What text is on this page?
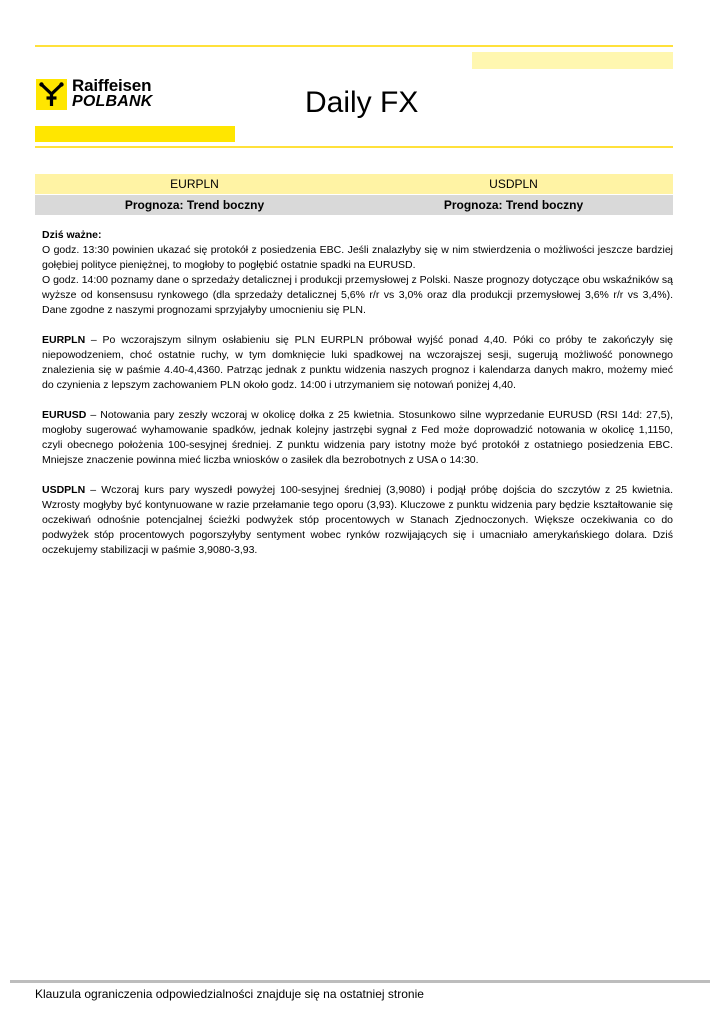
Raiffeisen
POLBANK	Daily FX
EURPLN	USDPLN
Prognoza: Trend boczny	Prognoza: Trend boczny

Dziś ważne:

O godz. 13:30 powinien ukazać się protokół z posiedzenia EBC. Jeśli znalazłyby się w nim stwierdzenia o możliwości jeszcze bardziej gołębiej polityce pieniężnej, to mogłoby to pogłębić ostatnie spadki na EURUSD.

O godz. 14:00 poznamy dane o sprzedaży detalicznej i produkcji przemysłowej z Polski. Nasze prognozy dotyczące obu wskaźników są wyższe od konsensusu rynkowego (dla sprzedaży detalicznej 5,6% r/r vs 3,0% oraz dla produkcji przemysłowej 3,6% r/r vs 3,4%). Dane zgodne z naszymi prognozami sprzyjałyby umocnieniu się PLN.

EURPLN – Po wczorajszym silnym osłabieniu się PLN EURPLN próbował wyjść ponad 4,40. Póki co próby te zakończyły się niepowodzeniem, choć ostatnie ruchy, w tym domknięcie luki spadkowej na wczorajszej sesji, sugerują możliwość ponownego znalezienia się w paśmie 4.40-4,4360. Patrząc jednak z punktu widzenia naszych prognoz i kalendarza danych makro, możemy mieć do czynienia z lepszym zachowaniem PLN około godz. 14:00 i utrzymaniem się notowań poniżej 4,40.

EURUSD – Notowania pary zeszły wczoraj w okolicę dołka z 25 kwietnia. Stosunkowo silne wyprzedanie EURUSD (RSI 14d: 27,5), mogłoby sugerować wyhamowanie spadków, jednak kolejny jastrzębi sygnał z Fed może doprowadzić notowania w okolicę 1,1150, czyli obecnego położenia 100-sesyjnej średniej. Z punktu widzenia pary istotny może być protokół z ostatniego posiedzenia EBC. Mniejsze znaczenie powinna mieć liczba wniosków o zasiłek dla bezrobotnych z USA o 14:30.

USDPLN – Wczoraj kurs pary wyszedł powyżej 100-sesyjnej średniej (3,9080) i podjął próbę dojścia do szczytów z 25 kwietnia. Wzrosty mogłyby być kontynuowane w razie przełamanie tego oporu (3,93). Kluczowe z punktu widzenia pary będzie kształtowanie się oczekiwań odnośnie potencjalnej ścieżki podwyżek stóp procentowych w Stanach Zjednoczonych. Większe oczekiwania co do podwyżek stóp procentowych pogorszyłyby sentyment wobec rynków rozwijających się i umacniało amerykańskiego dolara. Dziś oczekujemy stabilizacji w paśmie 3,9080-3,93.

Klauzula ograniczenia odpowiedzialności znajduje się na ostatniej stronie
